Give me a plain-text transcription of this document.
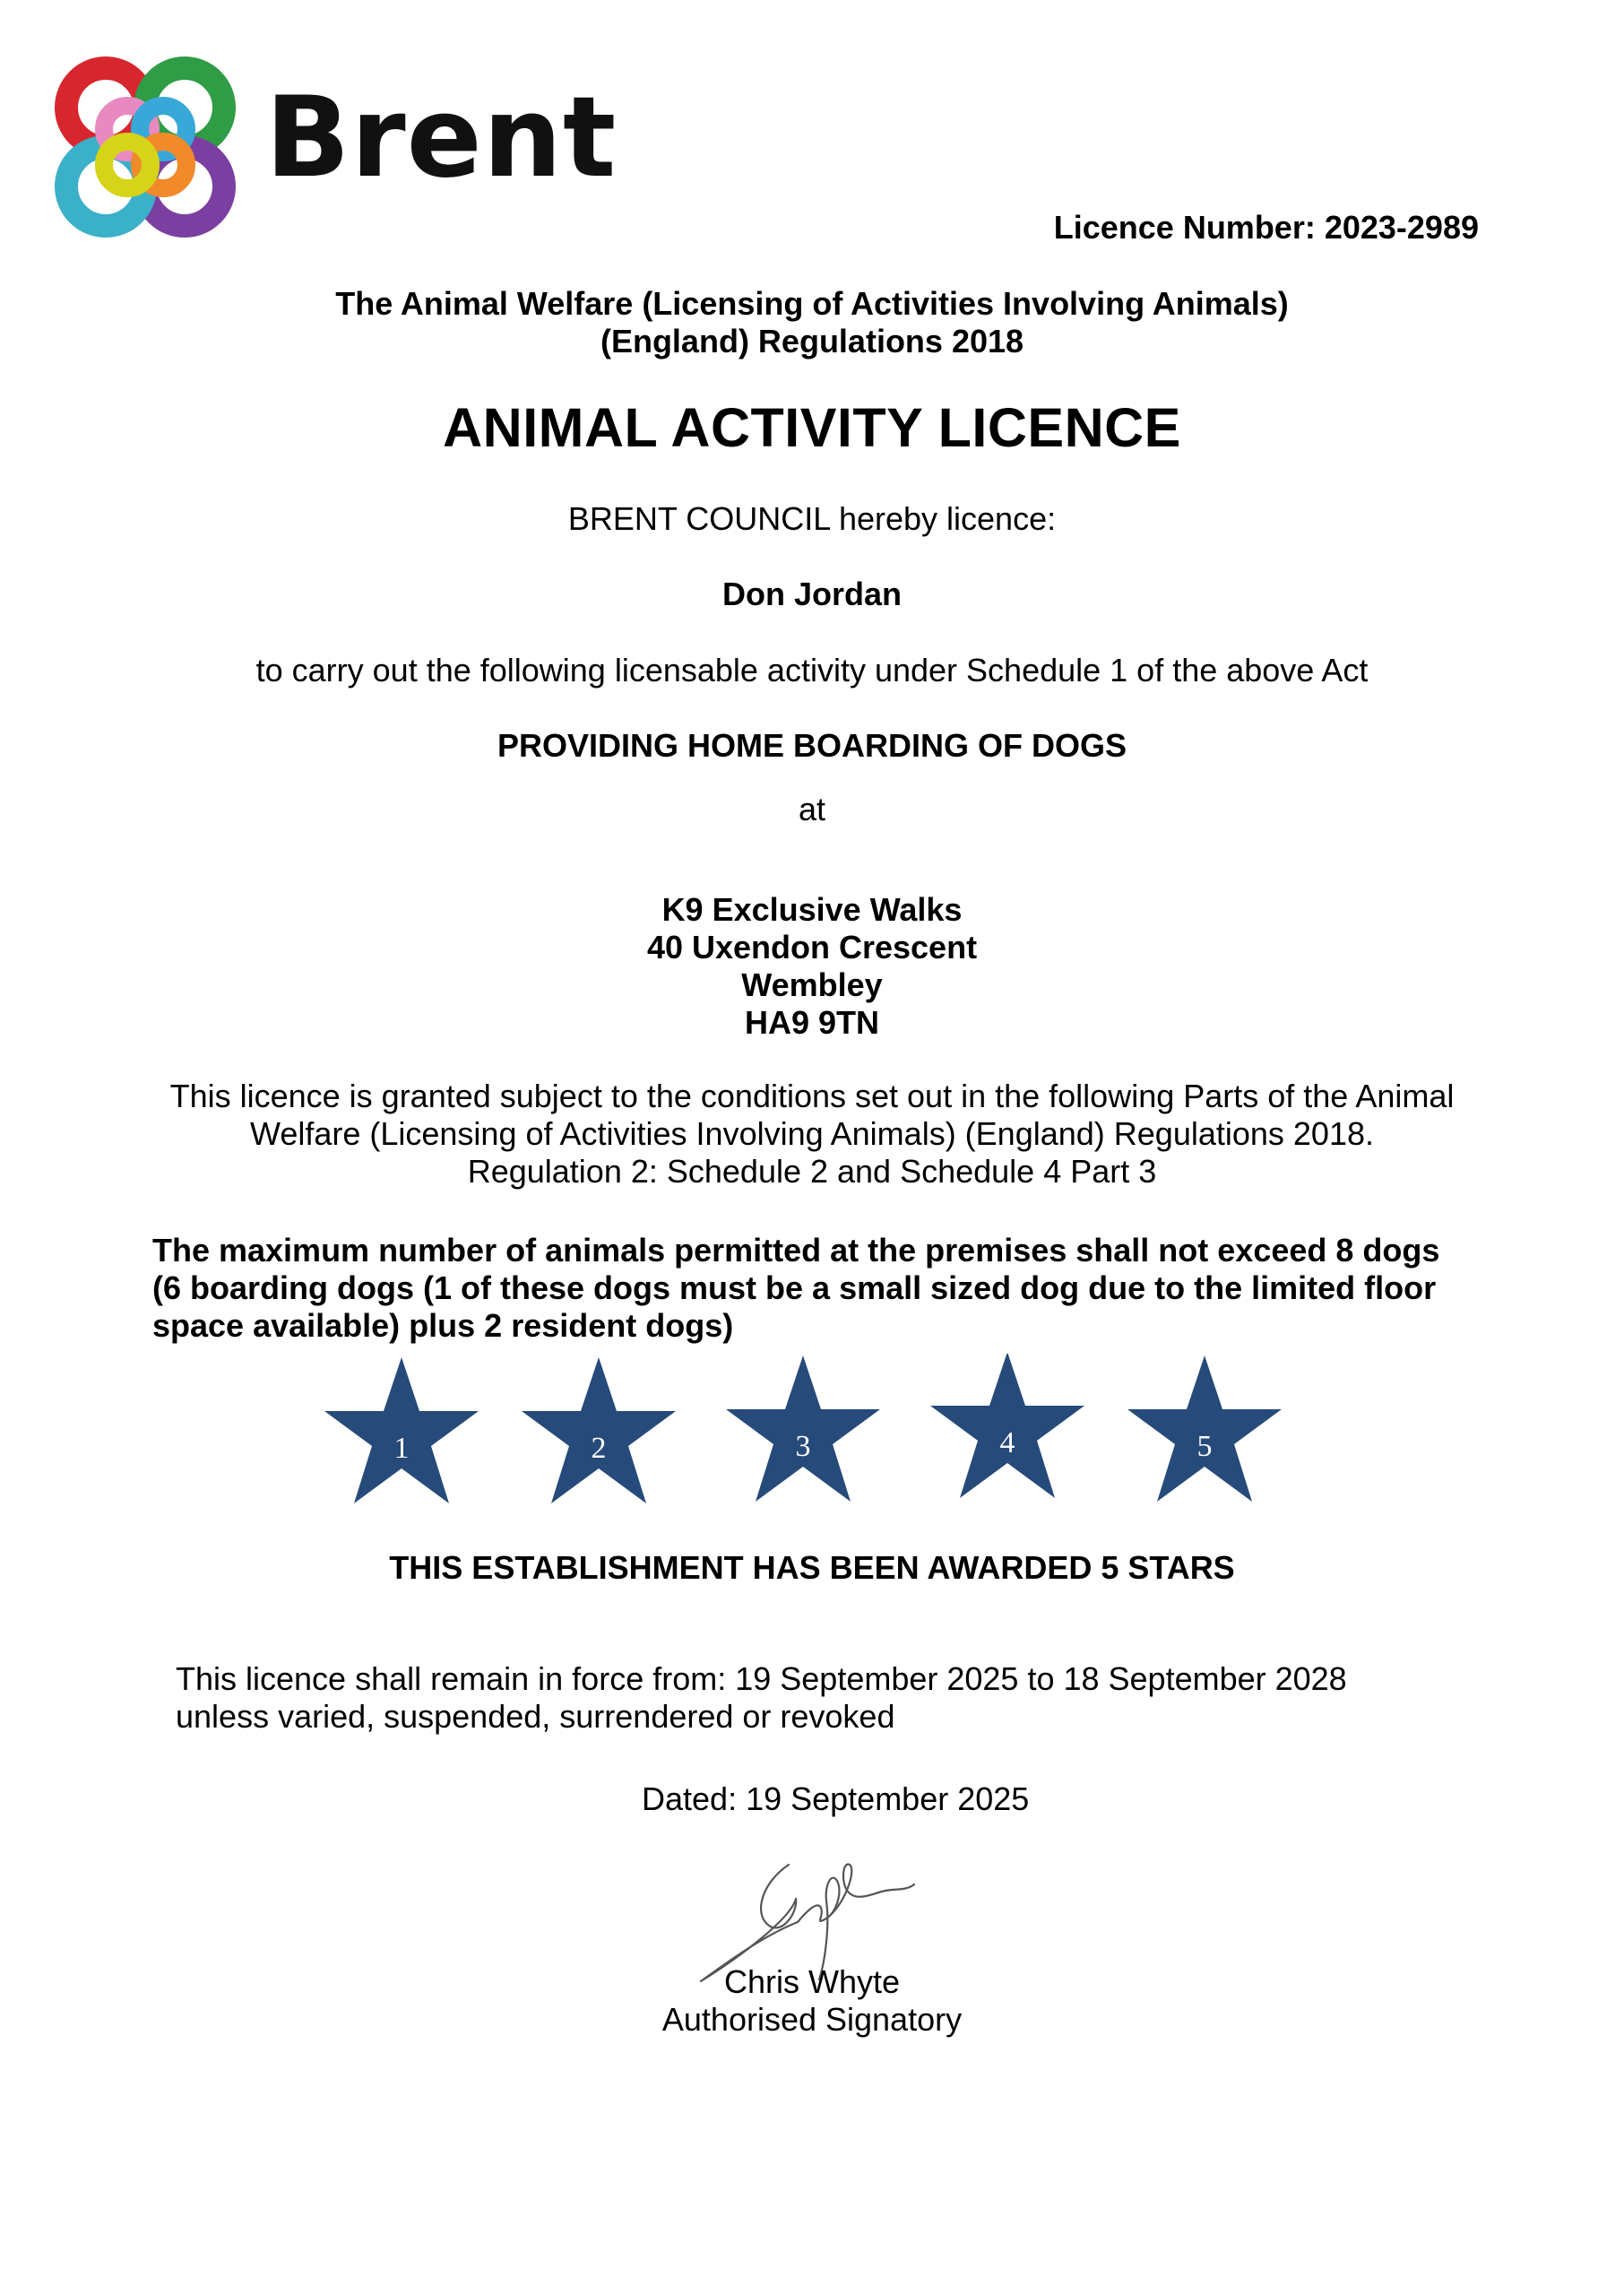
Brent
Licence Number: 2023-2989
The Animal Welfare (Licensing of Activities Involving Animals)
(England) Regulations 2018
ANIMAL ACTIVITY LICENCE
BRENT COUNCIL hereby licence:
Don Jordan
to carry out the following licensable activity under Schedule 1 of the above Act
PROVIDING HOME BOARDING OF DOGS
at
K9 Exclusive Walks
40 Uxendon Crescent
Wembley
HA9 9TN
This licence is granted subject to the conditions set out in the following Parts of the Animal
Welfare (Licensing of Activities Involving Animals) (England) Regulations 2018.
Regulation 2: Schedule 2 and Schedule 4 Part 3
The maximum number of animals permitted at the premises shall not exceed 8 dogs
(6 boarding dogs (1 of these dogs must be a small sized dog due to the limited floor
space available) plus 2 resident dogs)
1	2	3	4	5
THIS ESTABLISHMENT HAS BEEN AWARDED 5 STARS
This licence shall remain in force from: 19 September 2025 to 18 September 2028
unless varied, suspended, surrendered or revoked
Dated: 19 September 2025
Chris Whyte
Authorised Signatory
